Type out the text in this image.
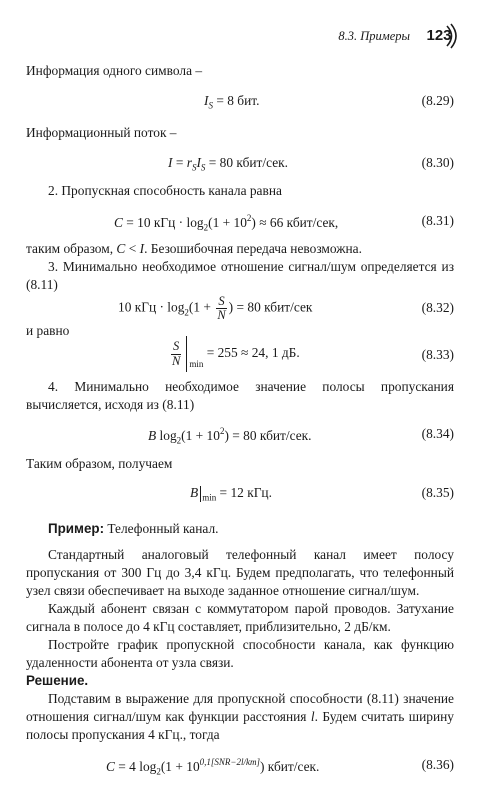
8.3. Примеры 123
Информация одного символа –
$I_S = 8$ бит.	(8.29)
Информационный поток –
$I = r_SI_S = 80$ кбит/сек.	(8.30)
2. Пропускная способность канала равна
C = 10 кГц · $\log_2(1 + 10^2) \approx 66$ кбит/сек,	(8.31)
таким образом, C < I. Безошибочная передача невозможна.
3. Минимально необходимое отношение сигнал/шум определяется из (8.11)
10 кГц · $\log_2(1 + \frac{S}{N}$ ) = 80 кбит/сек	(8.32)
и равно
$\frac{S}{N} _{min} = 255 \approx 24$, 1 дБ.	(8.33)
4. Минимально необходимое значение полосы пропускания вычисляется, исходя из (8.11)
B $\log_2(1 + 10^2) = 80$ кбит/сек.	(8.34)
Таким образом, получаем
B $_{min}$ = 12 кГц.	(8.35)
Пример: Телефонный канал.
Стандартный аналоговый телефонный канал имеет полосу пропускания от 300 Гц до 3,4 кГц. Будем предполагать, что телефонный узел связи обеспечивает на выходе заданное отношение сигнал/шум.
Каждый абонент связан с коммутатором парой проводов. Затухание сигнала в полосе до 4 кГц составляет, приблизительно, 2 дБ/км.
Постройте график пропускной способности канала, как функцию удаленности абонента от узла связи.
Решение.
Подставим в выражение для пропускной способности (8.11) значение отношения сигнал/шум как функции расстояния l. Будем считать ширину полосы пропускания 4 кГц., тогда
C = 4 $\log_2(1 + 10^{0,1[SNR-2l/km]})$ кбит/сек.	(8.36)
